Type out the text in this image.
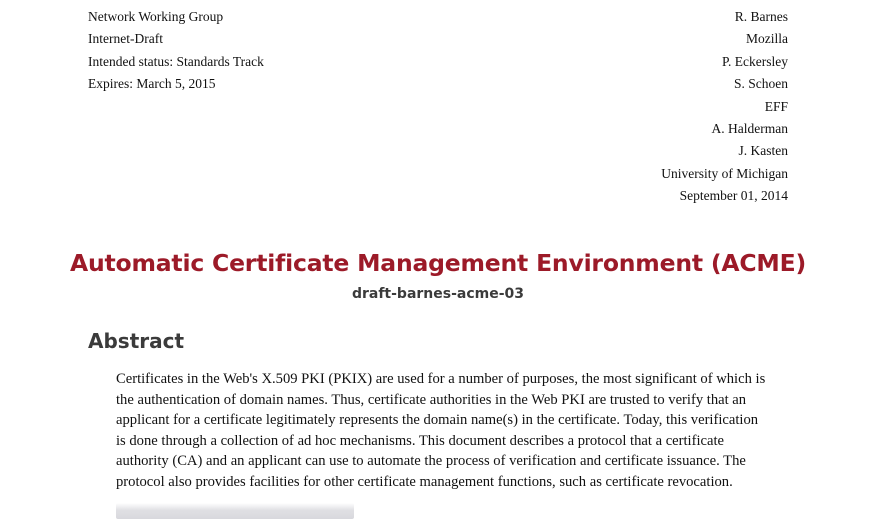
Network Working Group	R. Barnes
Internet-Draft	Mozilla
Intended status: Standards Track	P. Eckersley
Expires: March 5, 2015	S. Schoen
EFF
A. Halderman
J. Kasten
University of Michigan
September 01, 2014
Automatic Certificate Management Environment (ACME)
draft-barnes-acme-03
Abstract
Certificates in the Web's X.509 PKI (PKIX) are used for a number of purposes, the most significant of which is the authentication of domain names. Thus, certificate authorities in the Web PKI are trusted to verify that an applicant for a certificate legitimately represents the domain name(s) in the certificate. Today, this verification is done through a collection of ad hoc mechanisms. This document describes a protocol that a certificate authority (CA) and an applicant can use to automate the process of verification and certificate issuance. The protocol also provides facilities for other certificate management functions, such as certificate revocation.
